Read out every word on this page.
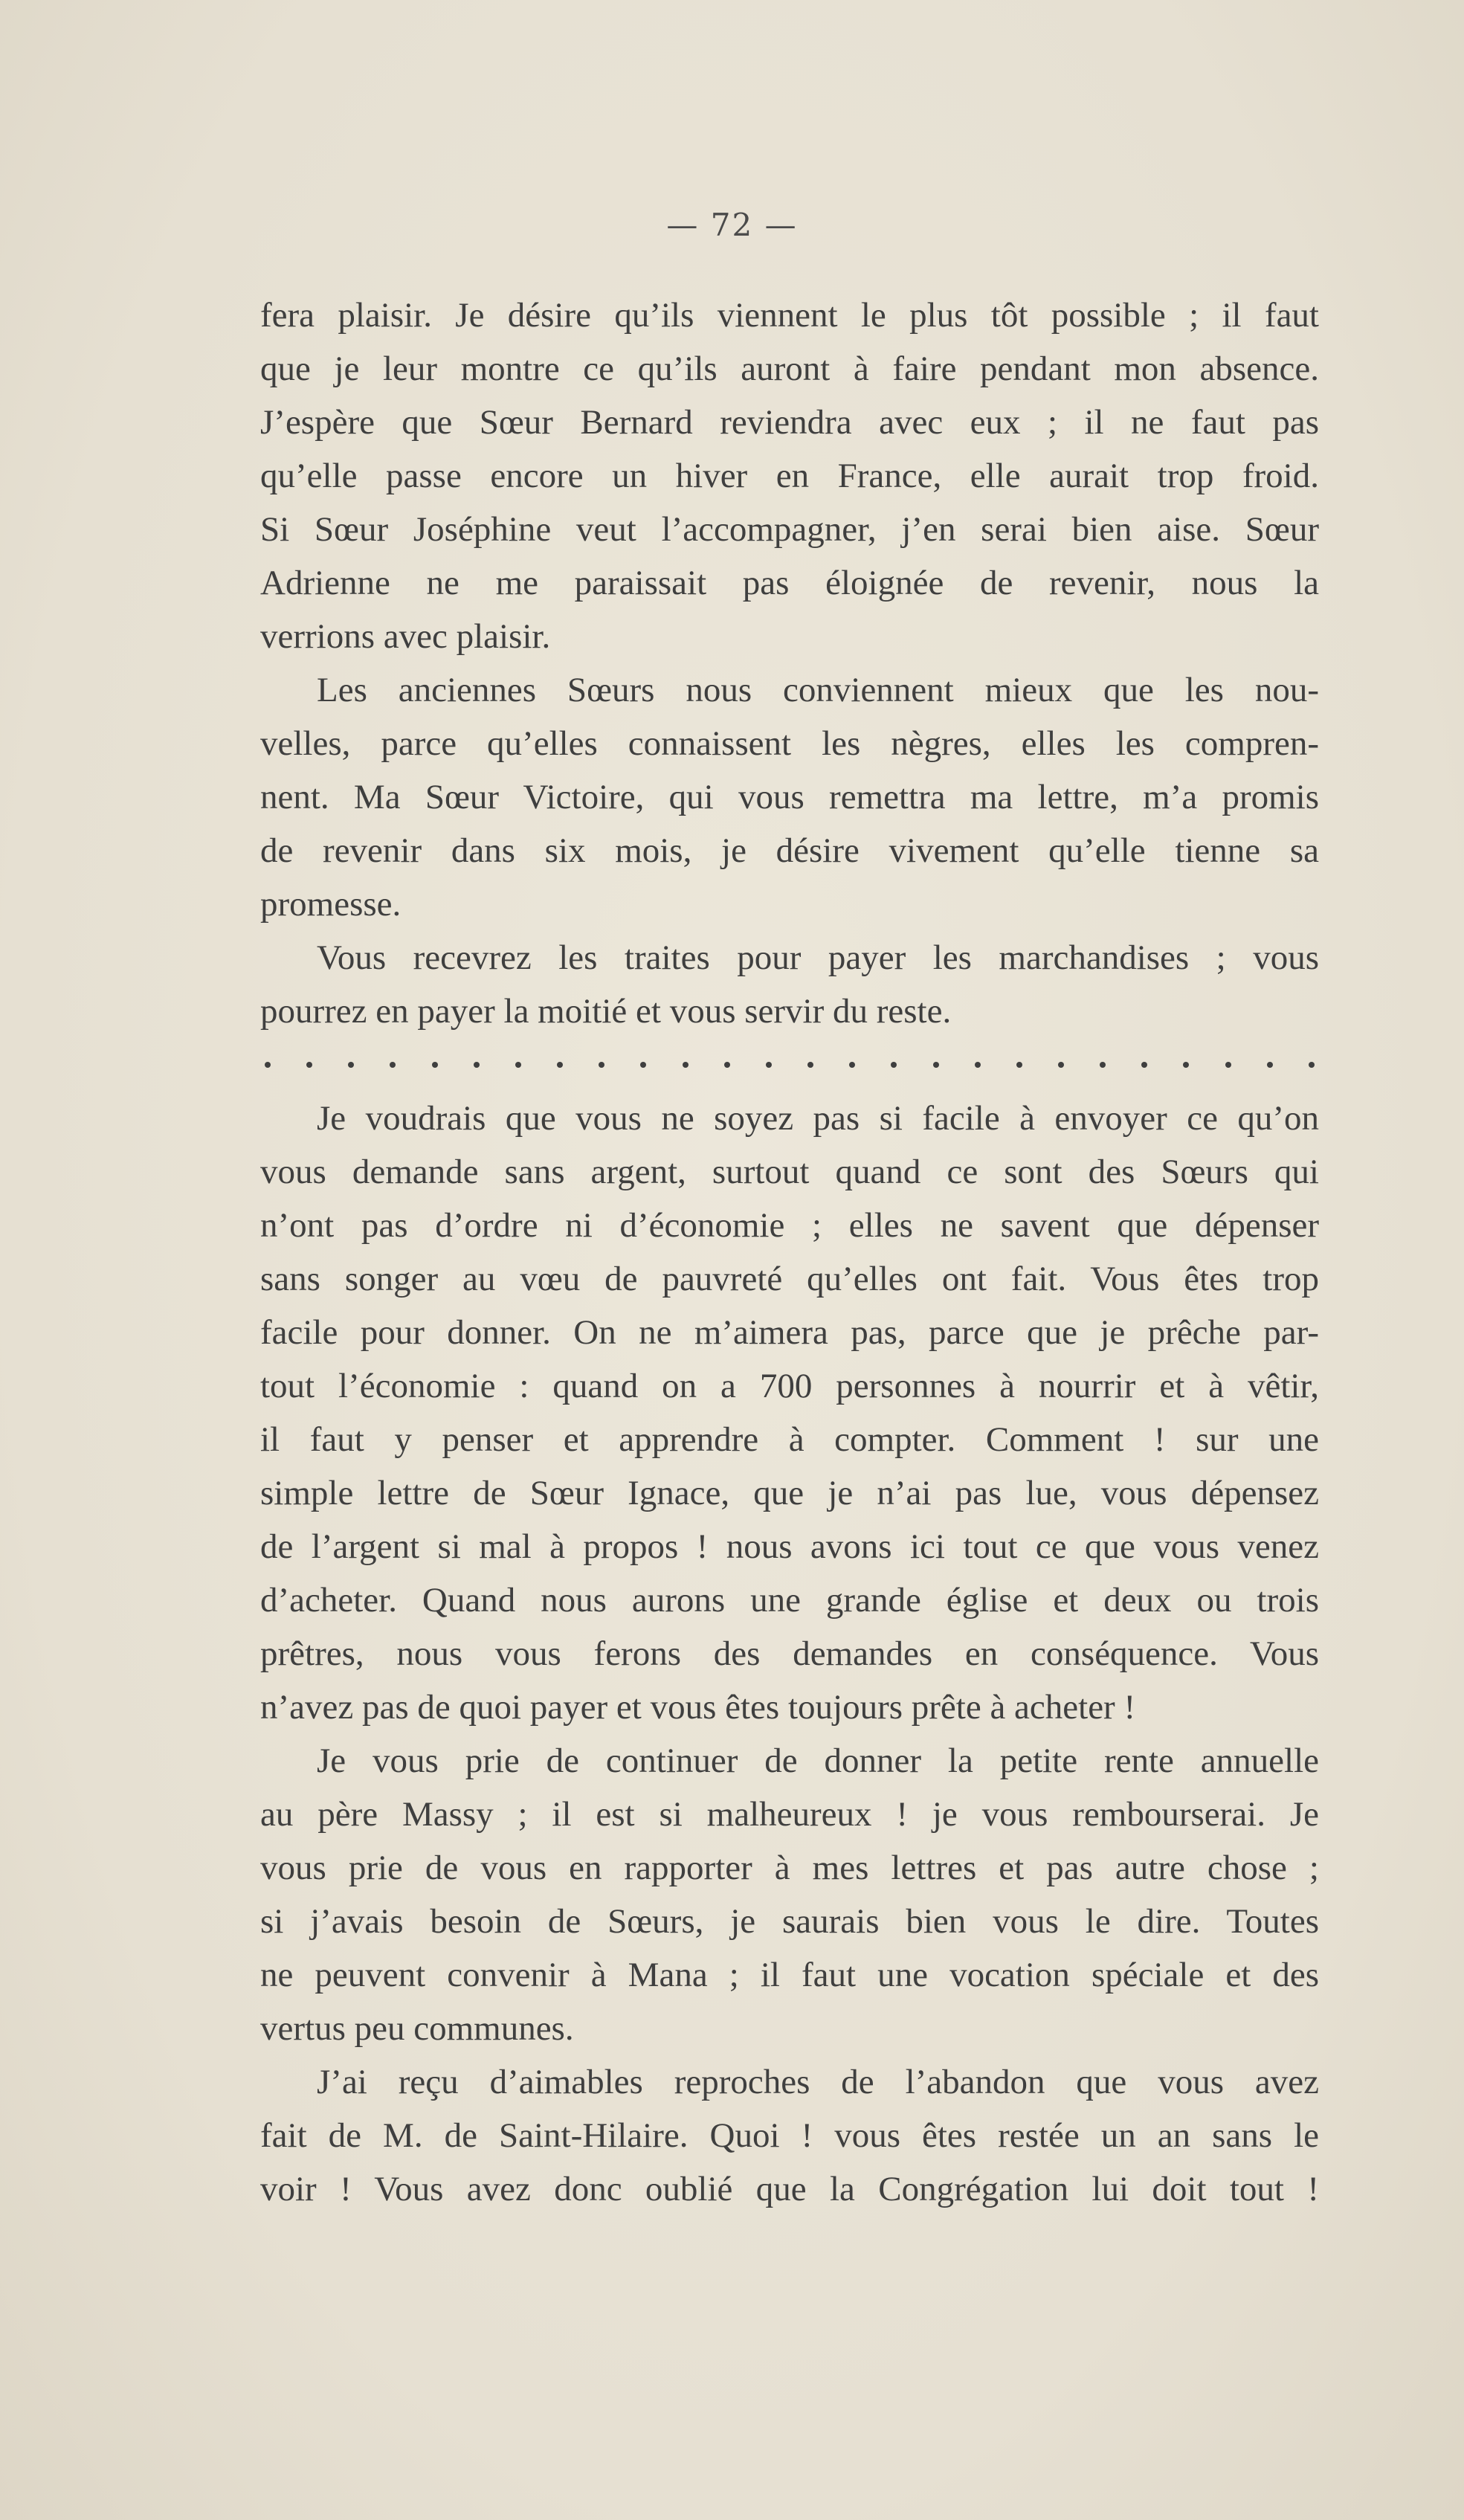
— 72 —
fera plaisir. Je désire qu’ils viennent le plus tôt possible ; il faut
que je leur montre ce qu’ils auront à faire pendant mon absence.
J’espère que Sœur Bernard reviendra avec eux ; il ne faut pas
qu’elle passe encore un hiver en France, elle aurait trop froid.
Si Sœur Joséphine veut l’accompagner, j’en serai bien aise. Sœur
Adrienne ne me paraissait pas éloignée de revenir, nous la
verrions avec plaisir.
Les anciennes Sœurs nous conviennent mieux que les nou-
velles, parce qu’elles connaissent les nègres, elles les compren-
nent. Ma Sœur Victoire, qui vous remettra ma lettre, m’a promis
de revenir dans six mois, je désire vivement qu’elle tienne sa
promesse.
Vous recevrez les traites pour payer les marchandises ; vous
pourrez en payer la moitié et vous servir du reste.
Je voudrais que vous ne soyez pas si facile à envoyer ce qu’on
vous demande sans argent, surtout quand ce sont des Sœurs qui
n’ont pas d’ordre ni d’économie ; elles ne savent que dépenser
sans songer au vœu de pauvreté qu’elles ont fait. Vous êtes trop
facile pour donner. On ne m’aimera pas, parce que je prêche par-
tout l’économie : quand on a 700 personnes à nourrir et à vêtir,
il faut y penser et apprendre à compter. Comment ! sur une
simple lettre de Sœur Ignace, que je n’ai pas lue, vous dépensez
de l’argent si mal à propos ! nous avons ici tout ce que vous venez
d’acheter. Quand nous aurons une grande église et deux ou trois
prêtres, nous vous ferons des demandes en conséquence. Vous
n’avez pas de quoi payer et vous êtes toujours prête à acheter !
Je vous prie de continuer de donner la petite rente annuelle
au père Massy ; il est si malheureux ! je vous rembourserai. Je
vous prie de vous en rapporter à mes lettres et pas autre chose ;
si j’avais besoin de Sœurs, je saurais bien vous le dire. Toutes
ne peuvent convenir à Mana ; il faut une vocation spéciale et des
vertus peu communes.
J’ai reçu d’aimables reproches de l’abandon que vous avez
fait de M. de Saint-Hilaire. Quoi ! vous êtes restée un an sans le
voir ! Vous avez donc oublié que la Congrégation lui doit tout !
